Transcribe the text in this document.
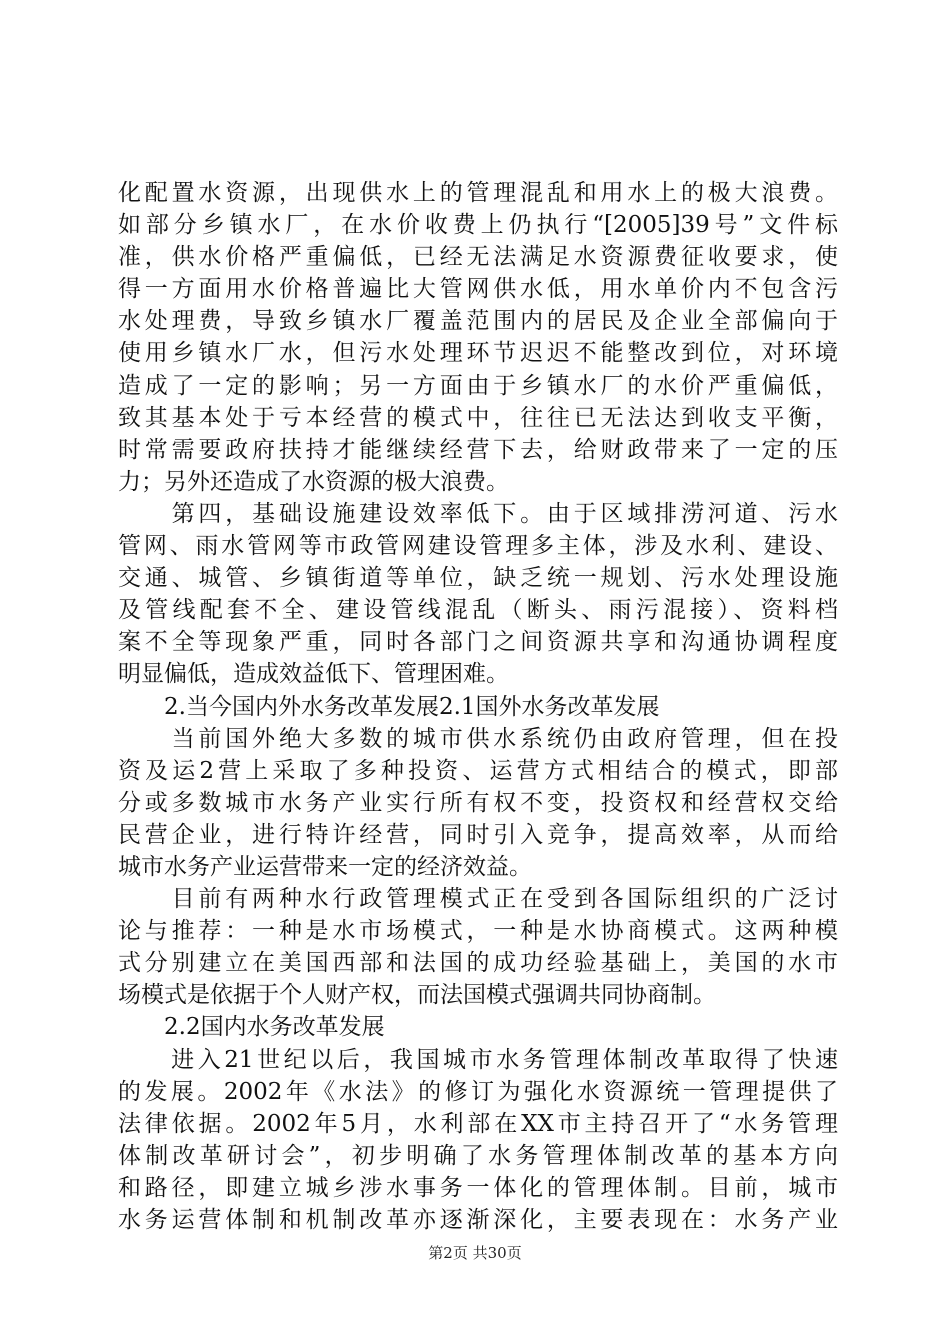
化配置水资源，出现供水上的管理混乱和用水上的极大浪费。
如部分乡镇水厂，在水价收费上仍执行“[2005]39号”文件标
准，供水价格严重偏低，已经无法满足水资源费征收要求，使
得一方面用水价格普遍比大管网供水低，用水单价内不包含污
水处理费，导致乡镇水厂覆盖范围内的居民及企业全部偏向于
使用乡镇水厂水，但污水处理环节迟迟不能整改到位，对环境
造成了一定的影响；另一方面由于乡镇水厂的水价严重偏低，
致其基本处于亏本经营的模式中，往往已无法达到收支平衡，
时常需要政府扶持才能继续经营下去，给财政带来了一定的压
力；另外还造成了水资源的极大浪费。
　　第四，基础设施建设效率低下。由于区域排涝河道、污水
管网、雨水管网等市政管网建设管理多主体，涉及水利、建设、
交通、城管、乡镇街道等单位，缺乏统一规划、污水处理设施
及管线配套不全、建设管线混乱（断头、雨污混接）、资料档
案不全等现象严重，同时各部门之间资源共享和沟通协调程度
明显偏低，造成效益低下、管理困难。
　　2.当今国内外水务改革发展2.1国外水务改革发展
　　当前国外绝大多数的城市供水系统仍由政府管理，但在投
资及运2营上采取了多种投资、运营方式相结合的模式，即部
分或多数城市水务产业实行所有权不变，投资权和经营权交给
民营企业，进行特许经营，同时引入竞争，提高效率，从而给
城市水务产业运营带来一定的经济效益。
　　目前有两种水行政管理模式正在受到各国际组织的广泛讨
论与推荐：一种是水市场模式，一种是水协商模式。这两种模
式分别建立在美国西部和法国的成功经验基础上，美国的水市
场模式是依据于个人财产权，而法国模式强调共同协商制。
　　2.2国内水务改革发展
　　进入21世纪以后，我国城市水务管理体制改革取得了快速
的发展。2002年《水法》的修订为强化水资源统一管理提供了
法律依据。2002年5月，水利部在XX市主持召开了“水务管理
体制改革研讨会”，初步明确了水务管理体制改革的基本方向
和路径，即建立城乡涉水事务一体化的管理体制。目前，城市
水务运营体制和机制改革亦逐渐深化，主要表现在：水务产业
第2页 共30页
